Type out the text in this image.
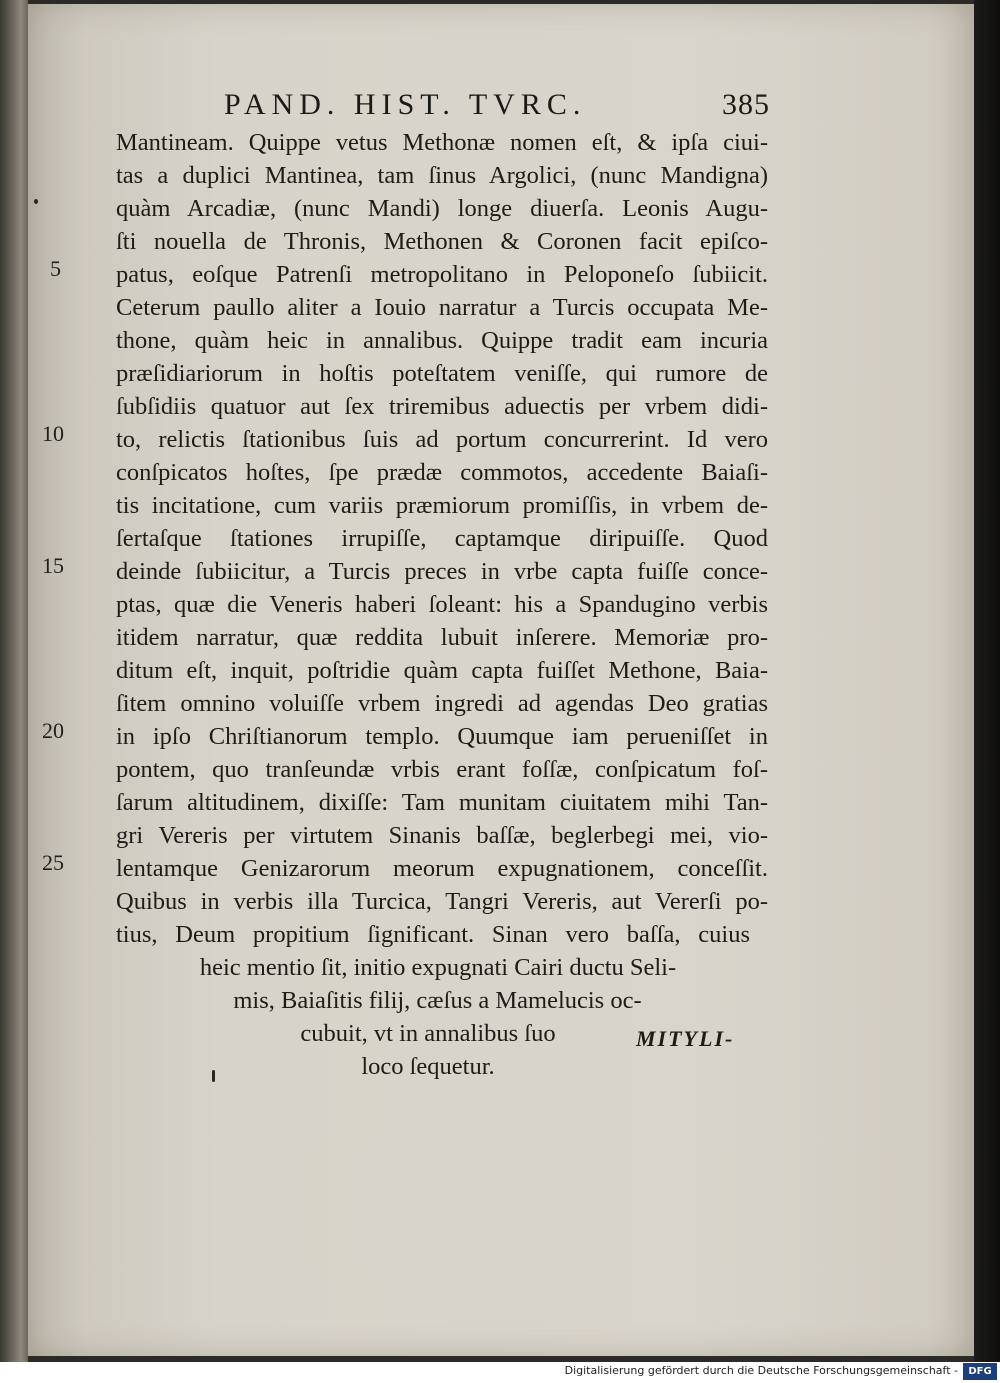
PAND. HIST. TVRC.	385
Mantineam. Quippe vetus Methonæ nomen eſt, & ipſa ciui-
tas a duplici Mantinea, tam ſinus Argolici, (nunc Mandigna)
quàm Arcadiæ, (nunc Mandi) longe diuerſa. Leonis Augu-
ſti nouella de Thronis, Methonen & Coronen facit epiſco-
patus, eoſque Patrenſi metropolitano in Peloponeſo ſubiicit.
Ceterum paullo aliter a Iouio narratur a Turcis occupata Me-
thone, quàm heic in annalibus. Quippe tradit eam incuria
præſidiariorum in hoſtis poteſtatem veniſſe, qui rumore de
ſubſidiis quatuor aut ſex triremibus aduectis per vrbem didi-
to, relictis ſtationibus ſuis ad portum concurrerint. Id vero
conſpicatos hoſtes, ſpe prædæ commotos, accedente Baiaſi-
tis incitatione, cum variis præmiorum promiſſis, in vrbem de-
ſertaſque ſtationes irrupiſſe, captamque diripuiſſe. Quod
deinde ſubiicitur, a Turcis preces in vrbe capta fuiſſe conce-
ptas, quæ die Veneris haberi ſoleant: his a Spandugino verbis
itidem narratur, quæ reddita lubuit inſerere. Memoriæ pro-
ditum eſt, inquit, poſtridie quàm capta fuiſſet Methone, Baia-
ſitem omnino voluiſſe vrbem ingredi ad agendas Deo gratias
in ipſo Chriſtianorum templo. Quumque iam perueniſſet in
pontem, quo tranſeundæ vrbis erant foſſæ, conſpicatum foſ-
ſarum altitudinem, dixiſſe: Tam munitam ciuitatem mihi Tan-
gri Vereris per virtutem Sinanis baſſæ, beglerbegi mei, vio-
lentamque Genizarorum meorum expugnationem, conceſſit.
Quibus in verbis illa Turcica, Tangri Vereris, aut Vererſi po-
tius, Deum propitium ſignificant. Sinan vero baſſa, cuius
heic mentio ſit, initio expugnati Cairi ductu Seli-
mis, Baiaſitis filij, cæſus a Mamelucis oc-
cubuit, vt in annalibus ſuo
loco ſequetur.
5
10
15
20
25
MITYLI-
Digitalisierung gefördert durch die Deutsche Forschungsgemeinschaft -	DFG
